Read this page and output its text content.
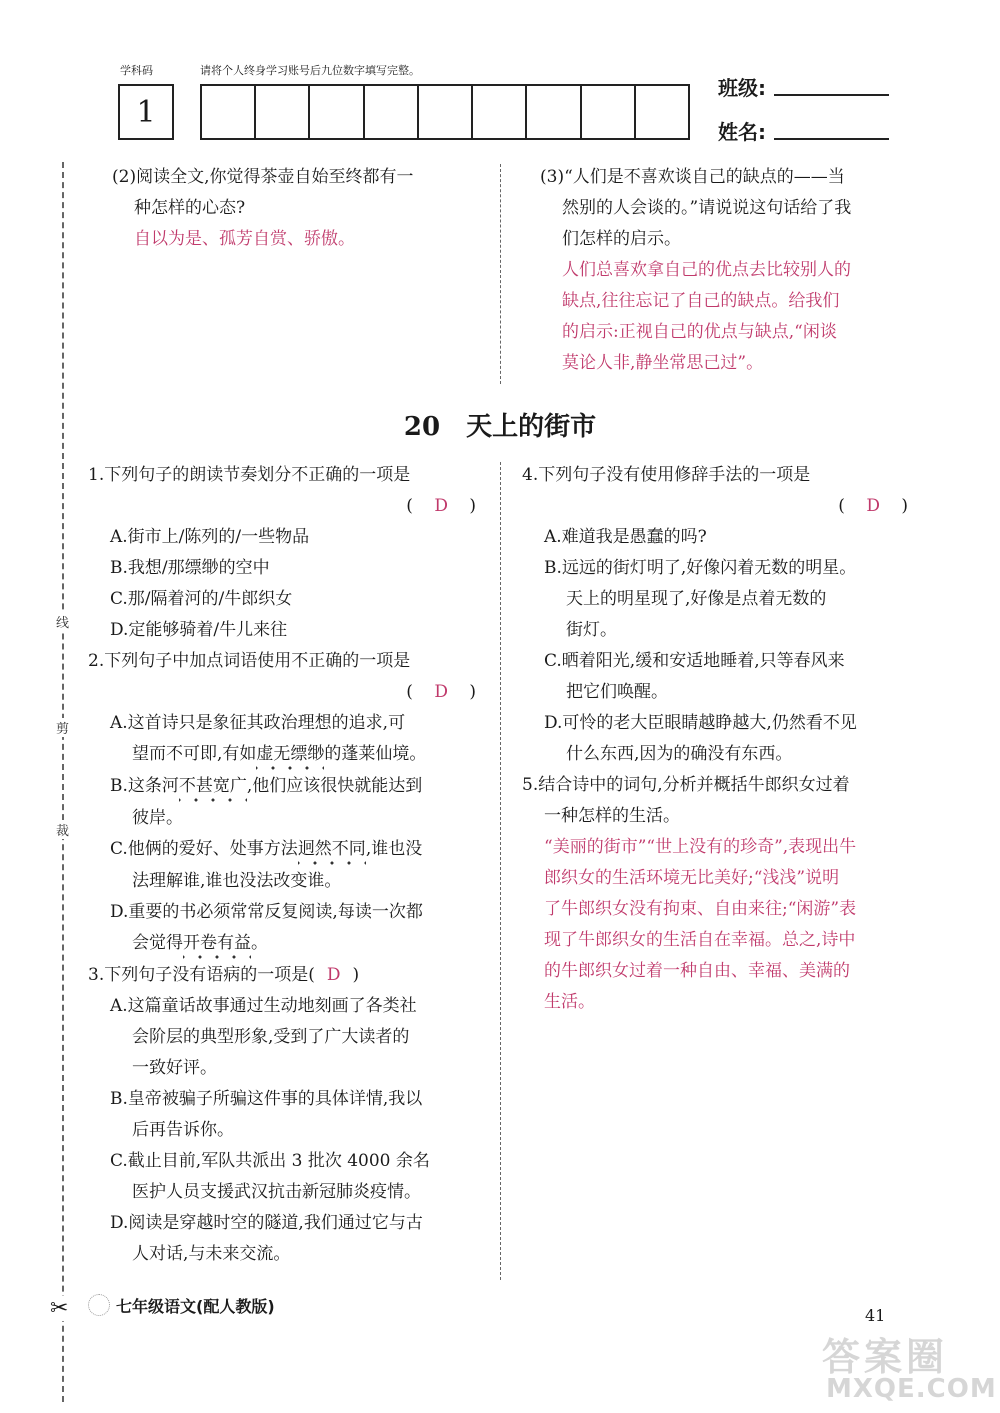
学科码	请将个人终身学习账号后九位数字填写完整。
1
班级:
姓名:
线
剪
裁
✂
(2)阅读全文,你觉得茶壶自始至终都有一
种怎样的心态?
自以为是、孤芳自赏、骄傲。
(3)“人们是不喜欢谈自己的缺点的——当
然别的人会谈的。”请说说这句话给了我
们怎样的启示。
人们总喜欢拿自己的优点去比较别人的
缺点,往往忘记了自己的缺点。给我们
的启示:正视自己的优点与缺点,“闲谈
莫论人非,静坐常思己过”。
20　天上的街市
1.下列句子的朗读节奏划分不正确的一项是
( D )
A.街市上/陈列的/一些物品
B.我想/那缥缈的空中
C.那/隔着河的/牛郎织女
D.定能够骑着/牛儿来往
2.下列句子中加点词语使用不正确的一项是
( D )
A.这首诗只是象征其政治理想的追求,可
望而不可即,有如虚无缥缈的蓬莱仙境。
B.这条河不甚宽广,他们应该很快就能达到
彼岸。
C.他俩的爱好、处事方法迥然不同,谁也没
法理解谁,谁也没法改变谁。
D.重要的书必须常常反复阅读,每读一次都
会觉得开卷有益。
3.下列句子没有语病的一项是( D )
A.这篇童话故事通过生动地刻画了各类社
会阶层的典型形象,受到了广大读者的
一致好评。
B.皇帝被骗子所骗这件事的具体详情,我以
后再告诉你。
C.截止目前,军队共派出 3 批次 4000 余名
医护人员支援武汉抗击新冠肺炎疫情。
D.阅读是穿越时空的隧道,我们通过它与古
人对话,与未来交流。
4.下列句子没有使用修辞手法的一项是
( D )
A.难道我是愚蠢的吗?
B.远远的街灯明了,好像闪着无数的明星。
天上的明星现了,好像是点着无数的
街灯。
C.晒着阳光,缓和安适地睡着,只等春风来
把它们唤醒。
D.可怜的老大臣眼睛越睁越大,仍然看不见
什么东西,因为的确没有东西。
5.结合诗中的词句,分析并概括牛郎织女过着
一种怎样的生活。
“美丽的街市”“世上没有的珍奇”,表现出牛
郎织女的生活环境无比美好;“浅浅”说明
了牛郎织女没有拘束、自由来往;“闲游”表
现了牛郎织女的生活自在幸福。总之,诗中
的牛郎织女过着一种自由、幸福、美满的
生活。
七年级语文(配人教版)	41
答案圈
MXQE.COM
